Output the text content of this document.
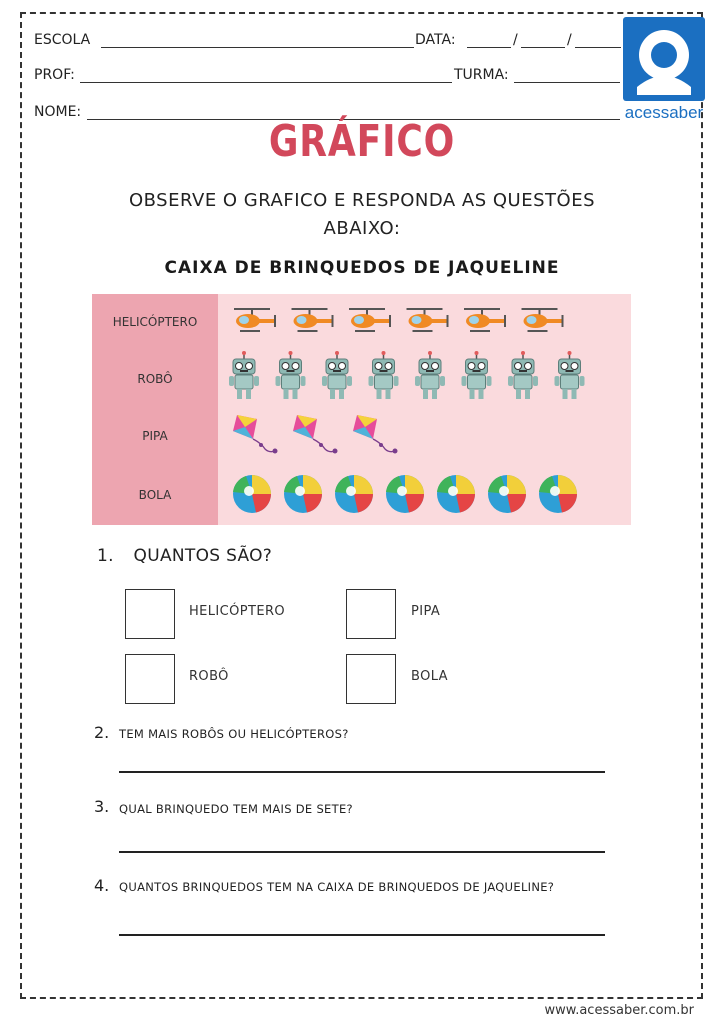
ESCOLA	DATA:	/	/
PROF:	TURMA:
NOME:	acessaber
GRÁFICO
OBSERVE O GRAFICO E RESPONDA AS QUESTÕES
ABAIXO:
CAIXA DE BRINQUEDOS DE JAQUELINE
HELICÓPTERO
ROBÔ
PIPA
BOLA
1. QUANTOS SÃO?
HELICÓPTERO	PIPA
ROBÔ	BOLA
2. TEM MAIS ROBÔS OU HELICÓPTEROS?
3. QUAL BRINQUEDO TEM MAIS DE SETE?
4. QUANTOS BRINQUEDOS TEM NA CAIXA DE BRINQUEDOS DE JAQUELINE?
www.acessaber.com.br
